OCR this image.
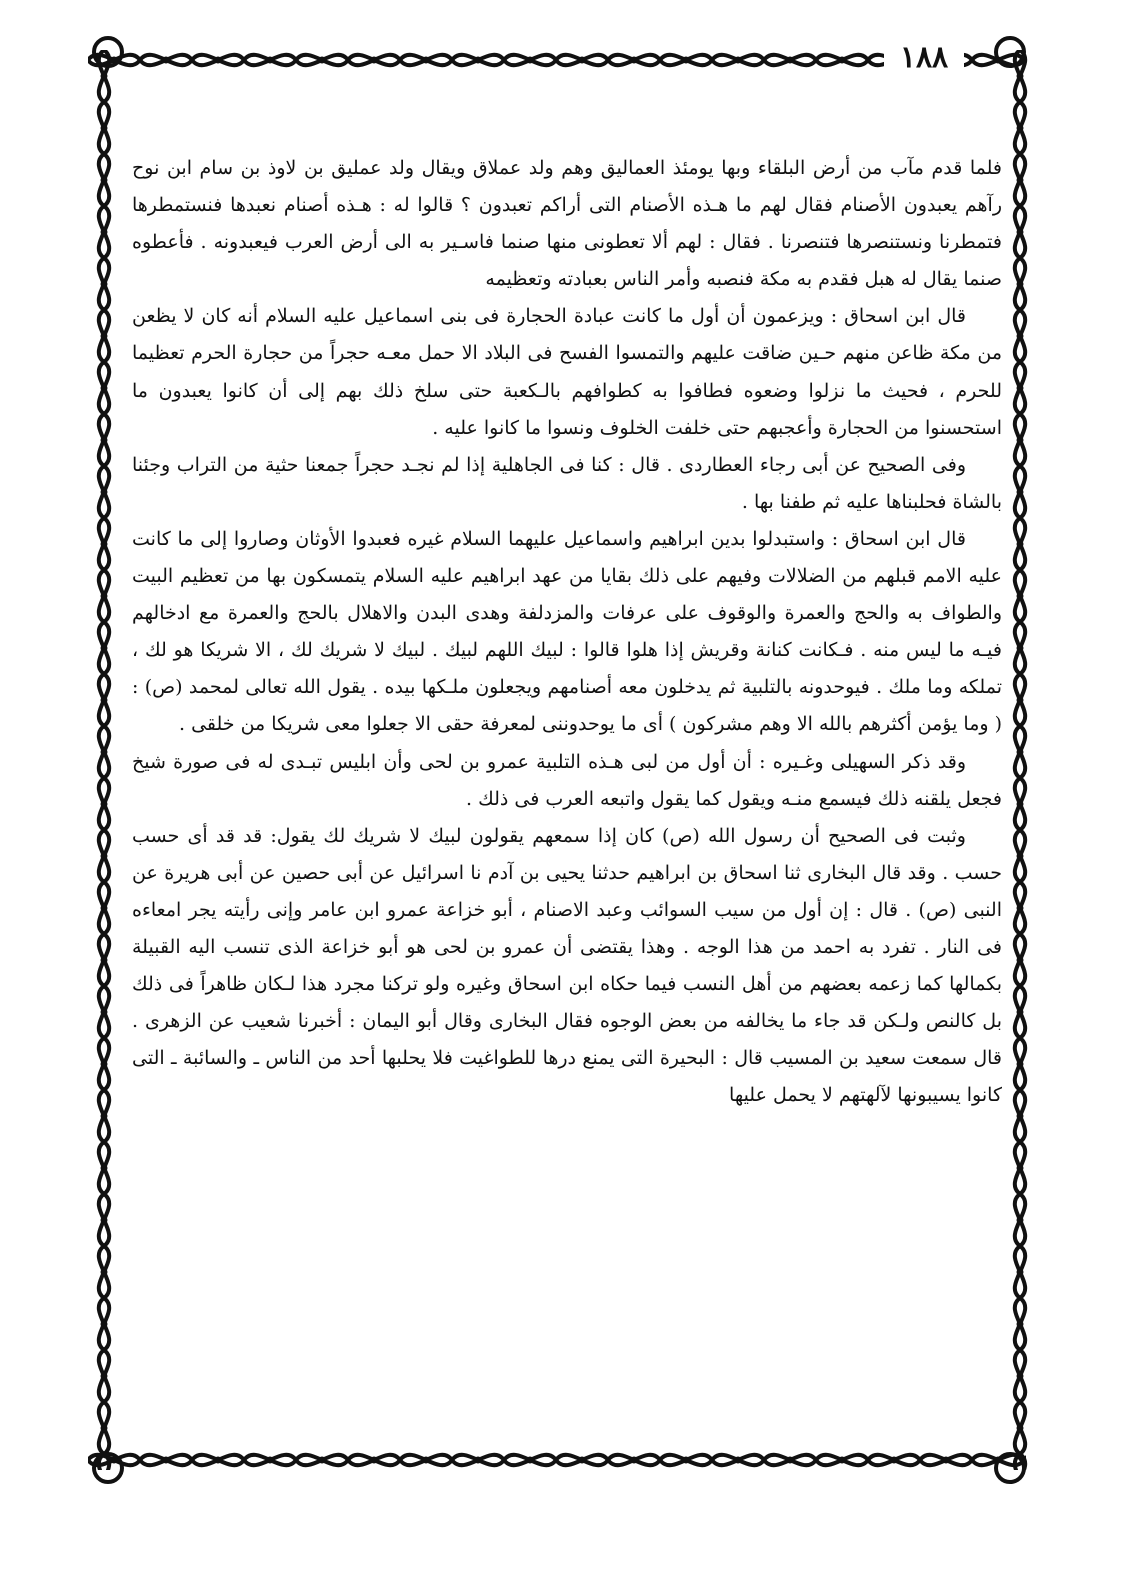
١٨٨

فلما قدم مآب من أرض البلقاء وبها يومئذ العماليق وهم ولد عملاق ويقال ولد عمليق بن لاوذ بن سام ابن نوح رآهم يعبدون الأصنام فقال لهم ما هـذه الأصنام التى أراكم تعبدون ؟ قالوا له : هـذه أصنام نعبدها فنستمطرها فتمطرنا ونستنصرها فتنصرنا . فقال : لهم ألا تعطونى منها صنما فاسـير به الى أرض العرب فيعبدونه . فأعطوه صنما يقال له هبل فقدم به مكة فنصبه وأمر الناس بعبادته وتعظيمه

قال ابن اسحاق : ويزعمون أن أول ما كانت عبادة الحجارة فى بنى اسماعيل عليه السلام أنه كان لا يظعن من مكة ظاعن منهم حـين ضاقت عليهم والتمسوا الفسح فى البلاد الا حمل معـه حجراً من حجارة الحرم تعظيما للحرم ، فحيث ما نزلوا وضعوه فطافوا به كطوافهم بالـكعبة حتى سلخ ذلك بهم إلى أن كانوا يعبدون ما استحسنوا من الحجارة وأعجبهم حتى خلفت الخلوف ونسوا ما كانوا عليه .

وفى الصحيح عن أبى رجاء العطاردى . قال : كنا فى الجاهلية إذا لم نجـد حجراً جمعنا حثية من التراب وجئنا بالشاة فحلبناها عليه ثم طفنا بها .

قال ابن اسحاق : واستبدلوا بدين ابراهيم واسماعيل عليهما السلام غيره فعبدوا الأوثان وصاروا إلى ما كانت عليه الامم قبلهم من الضلالات وفيهم على ذلك بقايا من عهد ابراهيم عليه السلام يتمسكون بها من تعظيم البيت والطواف به والحج والعمرة والوقوف على عرفات والمزدلفة وهدى البدن والاهلال بالحج والعمرة مع ادخالهم فيـه ما ليس منه . فـكانت كنانة وقريش إذا هلوا قالوا : لبيك اللهم لبيك . لبيك لا شريك لك ، الا شريكا هو لك ، تملكه وما ملك . فيوحدونه بالتلبية ثم يدخلون معه أصنامهم ويجعلون ملـكها بيده . يقول الله تعالى لمحمد (ص) : ( وما يؤمن أكثرهم بالله الا وهم مشركون ) أى ما يوحدوننى لمعرفة حقى الا جعلوا معى شريكا من خلقى .

وقد ذكر السهيلى وغـيره : أن أول من لبى هـذه التلبية عمرو بن لحى وأن ابليس تبـدى له فى صورة شيخ فجعل يلقنه ذلك فيسمع منـه ويقول كما يقول واتبعه العرب فى ذلك .

وثبت فى الصحيح أن رسول الله (ص) كان إذا سمعهم يقولون لبيك لا شريك لك يقول: قد قد أى حسب حسب . وقد قال البخارى ثنا اسحاق بن ابراهيم حدثنا يحيى بن آدم نا اسرائيل عن أبى حصين عن أبى هريرة عن النبى (ص) . قال : إن أول من سيب السوائب وعبد الاصنام ، أبو خزاعة عمرو ابن عامر وإنى رأيته يجر امعاءه فى النار . تفرد به احمد من هذا الوجه . وهذا يقتضى أن عمرو بن لحى هو أبو خزاعة الذى تنسب اليه القبيلة بكمالها كما زعمه بعضهم من أهل النسب فيما حكاه ابن اسحاق وغيره ولو تركنا مجرد هذا لـكان ظاهراً فى ذلك بل كالنص ولـكن قد جاء ما يخالفه من بعض الوجوه فقال البخارى وقال أبو اليمان : أخبرنا شعيب عن الزهرى . قال سمعت سعيد بن المسيب قال : البحيرة التى يمنع درها للطواغيت فلا يحلبها أحد من الناس ـ والسائبة ـ التى كانوا يسيبونها لآلهتهم لا يحمل عليها
